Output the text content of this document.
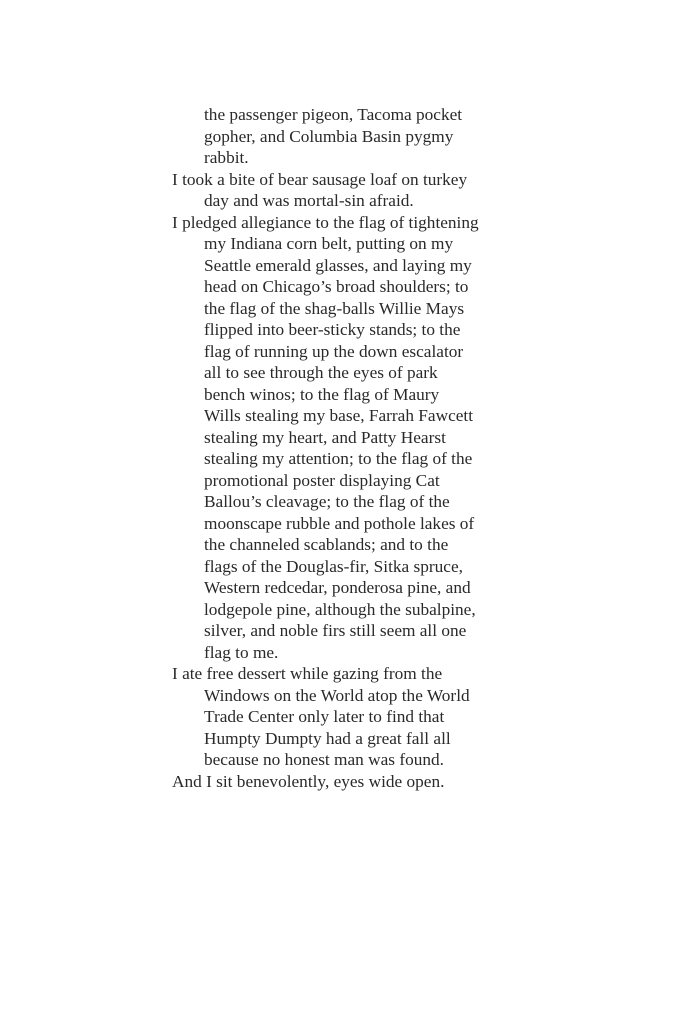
the passenger pigeon, Tacoma pocket
gopher, and Columbia Basin pygmy
rabbit.
I took a bite of bear sausage loaf on turkey
day and was mortal-sin afraid.
I pledged allegiance to the flag of tightening
my Indiana corn belt, putting on my
Seattle emerald glasses, and laying my
head on Chicago’s broad shoulders; to
the flag of the shag-balls Willie Mays
flipped into beer-sticky stands; to the
flag of running up the down escalator
all to see through the eyes of park
bench winos; to the flag of Maury
Wills stealing my base, Farrah Fawcett
stealing my heart, and Patty Hearst
stealing my attention; to the flag of the
promotional poster displaying Cat
Ballou’s cleavage; to the flag of the
moonscape rubble and pothole lakes of
the channeled scablands; and to the
flags of the Douglas-fir, Sitka spruce,
Western redcedar, ponderosa pine, and
lodgepole pine, although the subalpine,
silver, and noble firs still seem all one
flag to me.
I ate free dessert while gazing from the
Windows on the World atop the World
Trade Center only later to find that
Humpty Dumpty had a great fall all
because no honest man was found.
And I sit benevolently, eyes wide open.
